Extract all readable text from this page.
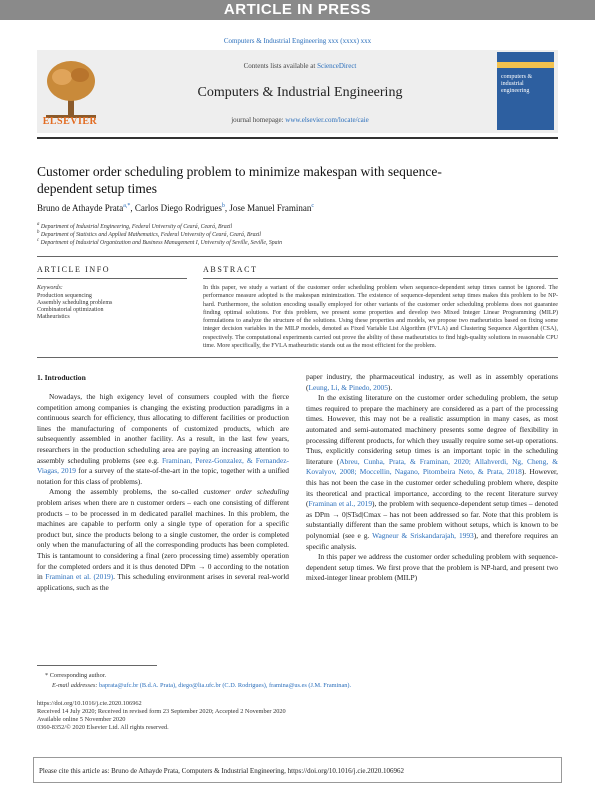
ARTICLE IN PRESS
Computers & Industrial Engineering xxx (xxxx) xxx
ELSEVIER
Contents lists available at ScienceDirect
Computers & Industrial Engineering
journal homepage: www.elsevier.com/locate/caie
computers & industrial engineering
Customer order scheduling problem to minimize makespan with sequence-dependent setup times
Bruno de Athayde Prata$^{a,*}$, Carlos Diego Rodrigues$^b$, Jose Manuel Framinan$^c$
$^a$ Department of Industrial Engineering, Federal University of Ceará, Ceará, Brazil
$^b$ Department of Statistics and Applied Mathematics, Federal University of Ceará, Ceará, Brazil
$^c$ Department of Industrial Organization and Business Management I, University of Seville, Seville, Spain
ARTICLE INFO	ABSTRACT
Keywords:
Production sequencing
Assembly scheduling problems
Combinatorial optimization
Matheuristics
In this paper, we study a variant of the customer order scheduling problem when sequence-dependent setup times cannot be ignored. The performance measure adopted is the makespan minimization. The existence of sequence-dependent setup times makes this problem to be NP-hard. Furthermore, the solution encoding usually employed for other variants of the customer order scheduling problems does not guarantee finding optimal solutions. For this problem, we present some properties and develop two Mixed Integer Linear Programming (MILP) formulations to analyze the structure of the solutions. Using these properties and models, we propose two matheuristics based on fixing some integer decision variables in the MILP models, denoted as Fixed Variable List Algorithm (FVLA) and Clustering Sequence Algorithm (CSA), respectively. The computational experiments carried out prove the ability of these matheuristics to find high-quality solutions in reasonable CPU time. More specifically, the FVLA matheuristic stands out as the most efficient for the problem.
1. Introduction

Nowadays, the high exigency level of consumers coupled with the fierce competition among companies is changing the existing production paradigms in a continuous search for efficiency, thus allocating to different facilities or production lines the manufacturing of components of customized products, which are subsequently assembled in another facility. As a result, in the last few years, researchers in the production scheduling area are paying an increasing attention to assembly scheduling problems (see e.g. Framinan, Perez-Gonzalez, & Fernandez-Viagas, 2019 for a survey of the state-of-the-art in the topic, together with a unified notation for this class of problems).

Among the assembly problems, the so-called customer order scheduling problem arises when there are n customer orders – each one consisting of different products – to be processed in m dedicated parallel machines. In this problem, the machines are capable to perform only a single type of operation for a specific product but, since the products belong to a single customer, the order is completed only when the manufacturing of all the corresponding products has been completed. This is tantamount to considering a final (zero processing time) assembly operation for the completed orders and it is thus denoted DPm → 0 according to the notation in Framinan et al. (2019). This scheduling environment arises in several real-world applications, such as the

paper industry, the pharmaceutical industry, as well as in assembly operations (Leung, Li, & Pinedo, 2005).

In the existing literature on the customer order scheduling problem, the setup times required to prepare the machinery are considered as a part of the processing times. However, this may not be a realistic assumption in many cases, as most automated and semi-automated machinery presents some degree of flexibility in processing different products, for which they usually require some set-up operations. Thus, explicitly considering setup times is an important topic in the scheduling literature (Abreu, Cunha, Prata, & Framinan, 2020; Allahverdi, Ng, Cheng, & Kovalyov, 2008; Moccellin, Nagano, Pitombeira Neto, & Prata, 2018). However, this has not been the case in the customer order scheduling problem where, despite its theoretical and practical importance, according to the recent literature survey (Framinan et al., 2019), the problem with sequence-dependent setup times – denoted as DPm → 0|STsd|Cmax – has not been addressed so far. Note that this problem is substantially different than the same problem without setups, which is known to be polynomial (see e g. Wagneur & Sriskandarajah, 1993), and therefore requires an specific analysis.

In this paper we address the customer order scheduling problem with sequence-dependent setup times. We first prove that the problem is NP-hard, and present two mixed-integer linear problem (MILP)

* Corresponding author.
E-mail addresses: baprata@ufc.br (B.d.A. Prata), diego@lia.ufc.br (C.D. Rodrigues), framina@us.es (J.M. Framinan).
https://doi.org/10.1016/j.cie.2020.106962
Received 14 July 2020; Received in revised form 23 September 2020; Accepted 2 November 2020
Available online 5 November 2020
0360-8352/© 2020 Elsevier Ltd. All rights reserved.
Please cite this article as: Bruno de Athayde Prata, Computers & Industrial Engineering, https://doi.org/10.1016/j.cie.2020.106962
